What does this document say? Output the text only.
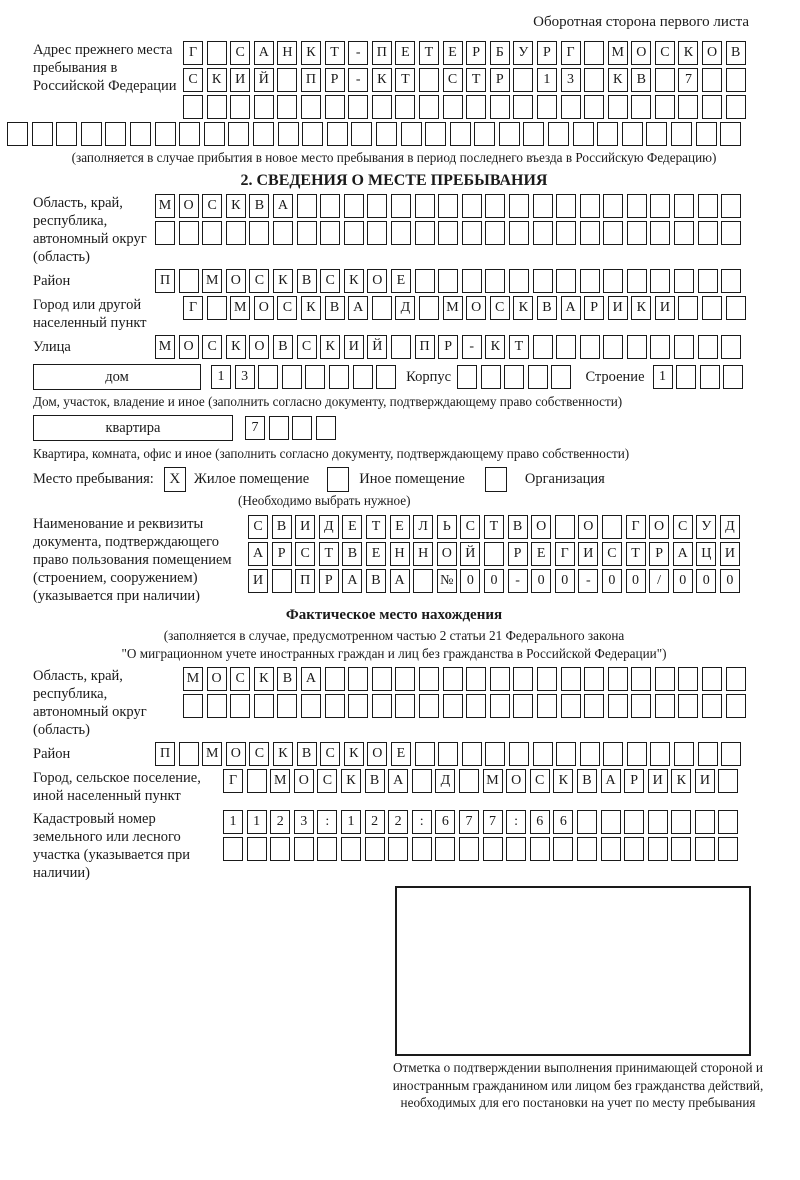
Оборотная сторона первого листа
Адрес прежнего места пребывания в Российской Федерации
Г	С А Н К	Т	-	П	Е	Т	Е	Р	Б	У	Р	Г	М О С	К О В
С	К И Й	П	Р	-	К	Т	С	Т	Р	1	3	К	В	7
(заполняется в случае прибытия в новое место пребывания в период последнего въезда в Российскую Федерацию)
2. СВЕДЕНИЯ О МЕСТЕ ПРЕБЫВАНИЯ
Область, край, республика, автономный округ (область)
М О С	К	В А
Район	П	М О С	К	В	С	К О	Е
Город или другой населенный пункт
Г	М О С	К	В А	Д	М О С	К	В А	Р	И К И
Улица	М О С	К О В	С	К И Й	П	Р	-	К	Т
дом	1	3	Корпус	Строение	1
Дом, участок, владение и иное (заполнить согласно документу, подтверждающему право собственности)
квартира	7
Квартира, комната, офис и иное (заполнить согласно документу, подтверждающему право собственности)
Место пребывания:	X Жилое помещение	Иное помещение	Организация
(Необходимо выбрать нужное)
Наименование и реквизиты документа, подтверждающего право пользования помещением (строением, сооружением) (указывается при наличии)
С	В И Д	Е	Т	Е	Л	Ь	С	Т	В О	О	Г	О С У Д
А	Р	С	Т	В	Е	Н Н О Й	Р	Е	Г	И С	Т	Р	А Ц И
И	П	Р	А В А	№ 0	0	-	0	0	-	0	0	/	0	0	0
Фактическое место нахождения
(заполняется в случае, предусмотренном частью 2 статьи 21 Федерального закона
"О миграционном учете иностранных граждан и лиц без гражданства в Российской Федерации")
Область, край, республика, автономный округ (область)
М О С	К	В А
Район	П	М О С	К	В	С	К О	Е
Город, сельское поселение, иной населенный пункт
Г	М О С	К	В А	Д	М О С	К	В А	Р	И К И
Кадастровый номер земельного или лесного участка (указывается при наличии)
1	1	2	3	:	1	2	2	:	6	7	7	:	6	6
Отметка о подтверждении выполнения принимающей стороной и иностранным гражданином или лицом без гражданства действий, необходимых для его постановки на учет по месту пребывания
